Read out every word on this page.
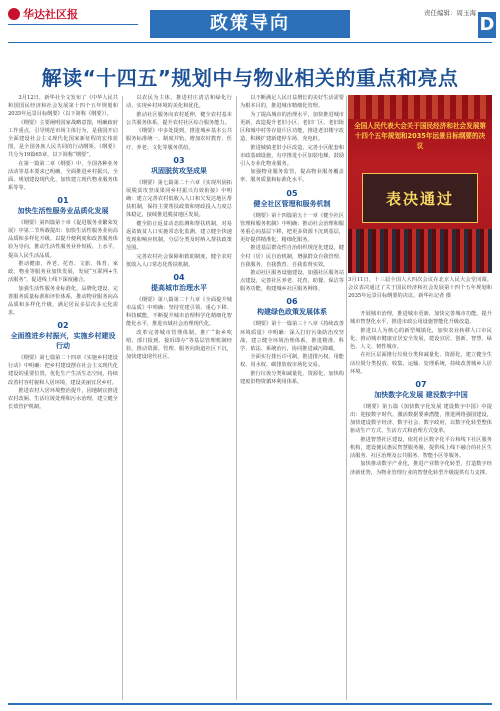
华达社区报	政策导向	责任编辑：周玉海
D
解读“十四五”规划中与物业相关的重点和亮点

3月12日，新华社全文发布了《中华人民共和国国民经济和社会发展第十四个五年规划和2035年远景目标纲要》（以下简称《纲要》）。

《纲要》主要阐明国家战略意图，明确政府工作重点，引导规范市场主体行为，是我国开启全面建设社会主义现代化国家新征程的宏伟蓝图，是全国各族人民共同的行动纲领。《纲要》共分为19篇65章，以下简称“纲要”。

在第一篇第二章（纲要）中，全国各种业务活动等基本要求已明确，全面推进乡村振兴，全面、规划建设现代化、加快建立现代物业服务体系等等。

01
加快生活性服务业品质化发展

《纲要》第四篇第十章《促进服务业繁荣发展》中第二节所载提出：加快生活性服务业向高品质和多样化升级。以提升便利度和改善服务体验为导向，推动生活性服务业补短板、上水平，提高人民生活品质。

推动健康、养老、托育、文旅、体育、家政、物业等服务业加快发展，发展“互联网+生活服务”，促进线上线下深度融合。

加强生活性服务业标准化、品牌化建设，完善服务质量标准和评价体系，推动物业服务向高品质和多样化升级，满足居民多层次多元化需求。

02
全面推进乡村振兴，实施乡村建设行动

《纲要》第七篇第二十四章《实施乡村建设行动》中明确：把乡村建设摆在社会主义现代化建设的重要位置，优化生产生活生态空间，持续改善村容村貌和人居环境，建设美丽宜居乡村。

推进农村人居环境整治提升，因地制宜推进农村改厕、生活垃圾处理和污水治理，建立健全长效管护机制。

以农民为主体，推进村庄清洁和绿化行动，实现乡村环境的美化和优化。

推动社区服务向农村延伸，健全农村基本公共服务体系，提升农村社区综合服务能力。

《纲要》中多处提到，推进城乡基本公共服务标准统一、制度并轨，增加农村教育、医疗、养老、文化等服务供给。

03
巩固脱贫攻坚成果

《纲要》第七篇第二十六章《实现巩固拓展脱贫攻坚成果同乡村振兴有效衔接》中明确：建立完善农村低收入人口和欠发达地区帮扶机制，保持主要帮扶政策和财政投入力度总体稳定，接续推进脱贫地区发展。

健全防止返贫动态监测和帮扶机制，对易返贫致贫人口实施常态化监测，建立健全快速发现和响应机制，分层分类及时纳入帮扶政策范围。

完善农村社会保障和救助制度，健全农村低收入人口常态化帮扶机制。

04
提高城市治理水平

《纲要》第八篇第二十九章《全面提升城市品质》中明确：坚持党建引领、重心下移、科技赋能，不断提升城市治理科学化精细化智能化水平，推进市域社会治理现代化。

改革完善城市管理体制，推广“街乡吹哨、部门报到、接诉即办”等基层管理机制经验，推动资源、管理、服务向街道社区下沉，加快建设现代社区。

以不断满足人民日益增长的美好生活需要为根本目的，推进城市精细化管理。

为了提高城市的治理水平，加快推进城市更新，改造提升老旧小区、老旧厂区、老旧街区和城中村等存量片区功能，推进老旧楼宇改造，积极扩建新建停车场、充电桩。

推进城镇老旧小区改造，完善小区配套和市政基础设施，有序推进小区加装电梯，鼓励引入专业化物业服务。

加强物业服务监管，提高物业服务覆盖率、服务质量和标准化水平。

05
健全社区管理和服务机制

《纲要》第十四篇第五十一章《健全社区管理和服务机制》中明确：推动社会治理和服务重心向基层下移，把更多资源下沉到基层，更好提供精准化、精细化服务。

推进基层群众性自治组织规范化建设，健全村（居）民自治机制，增强群众自我管理、自我服务、自我教育、自我监督实效。

推动社区服务设施建设，加强社区服务站点建设，完善社区养老、托育、助餐、保洁等服务功能，构建城乡社区服务网络。

06
构建绿色政策发展体系

《纲要》第十一篇第三十八章《持续改善环境质量》中明确：深入打好污染防治攻坚战，建立健全环境治理体系，推进精准、科学、依法、系统治污，协同推进减污降碳。

全面实行排污许可制，推进排污权、用能权、用水权、碳排放权市场化交易。

推行垃圾分类和减量化、资源化，加快构建废旧物资循环利用体系。

全国人民代表大会关于国民经济和社会发展第十四个五年规划和2035年远景目标纲要的决议
表决通过
3月11日，十三届全国人大四次会议在北京人民大会堂闭幕。会议表决通过了关于国民经济和社会发展第十四个五年规划和2035年远景目标纲要的决议。新华社记者 摄

开展城市治理，推进城市更新，加快完善城市功能。提升城市智慧化水平，推进市政公用设施智能化升级改造。

推进以人为核心的新型城镇化，加快农业转移人口市民化，推动城市健康宜居安全发展，建设宜居、创新、智慧、绿色、人文、韧性城市。

在社区层面推行垃圾分类和减量化、资源化，建立健全生活垃圾分类投放、收集、运输、处理系统，持续改善城乡人居环境。

07
加快数字化发展 建设数字中国

《纲要》第五篇《加快数字化发展 建设数字中国》中提出：迎接数字时代，激活数据要素潜能，推进网络强国建设，加快建设数字经济、数字社会、数字政府，以数字化转型整体驱动生产方式、生活方式和治理方式变革。

推进智慧社区建设，依托社区数字化平台和线下社区服务机构，建设便民惠民智慧服务圈，提供线上线下融合的社区生活服务、社区治理及公共服务、智能小区等服务。

加快推动数字产业化，推进产业数字化转型，打造数字经济新优势，为物业管理行业的智慧化转型升级提供有力支撑。
